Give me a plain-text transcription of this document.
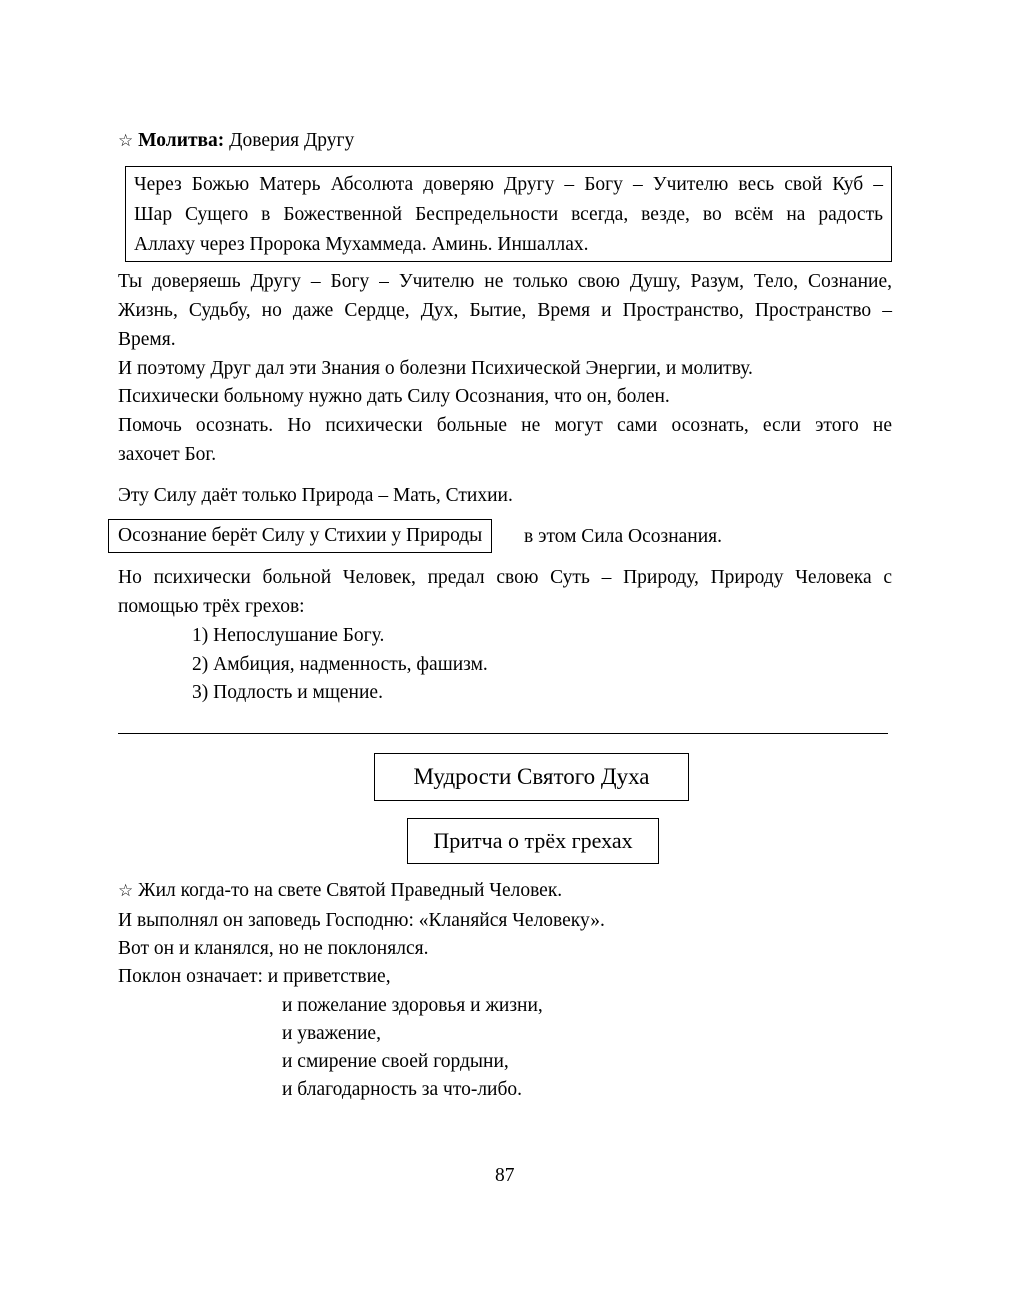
☆ Молитва: Доверия Другу
Через Божью Матерь Абсолюта доверяю Другу – Богу – Учителю весь свой Куб –
Шар Сущего в Божественной Беспредельности всегда, везде, во всём на радость
Аллаху через Пророка Мухаммеда. Аминь. Иншаллах.
Ты доверяешь Другу – Богу – Учителю не только свою Душу, Разум, Тело, Сознание,
Жизнь, Судьбу, но даже Сердце, Дух, Бытие, Время и Пространство, Пространство –
Время.
И поэтому Друг дал эти Знания о болезни Психической Энергии, и молитву.
Психически больному нужно дать Силу Осознания, что он, болен.
Помочь осознать. Но психически больные не могут сами осознать, если этого не
захочет Бог.
Эту Силу даёт только Природа – Мать, Стихии.
Осознание берёт Силу у Стихии у Природы	в этом Сила Осознания.
Но психически больной Человек, предал свою Суть – Природу, Природу Человека с
помощью трёх грехов:
1) Непослушание Богу.
2) Амбиция, надменность, фашизм.
3) Подлость и мщение.
Мудрости Святого Духа
Притча о трёх грехах
☆ Жил когда-то на свете Святой Праведный Человек.
И выполнял он заповедь Господню: «Кланяйся Человеку».
Вот он и кланялся, но не поклонялся.
Поклон означает: и приветствие,
и пожелание здоровья и жизни,
и уважение,
и смирение своей гордыни,
и благодарность за что-либо.
87
